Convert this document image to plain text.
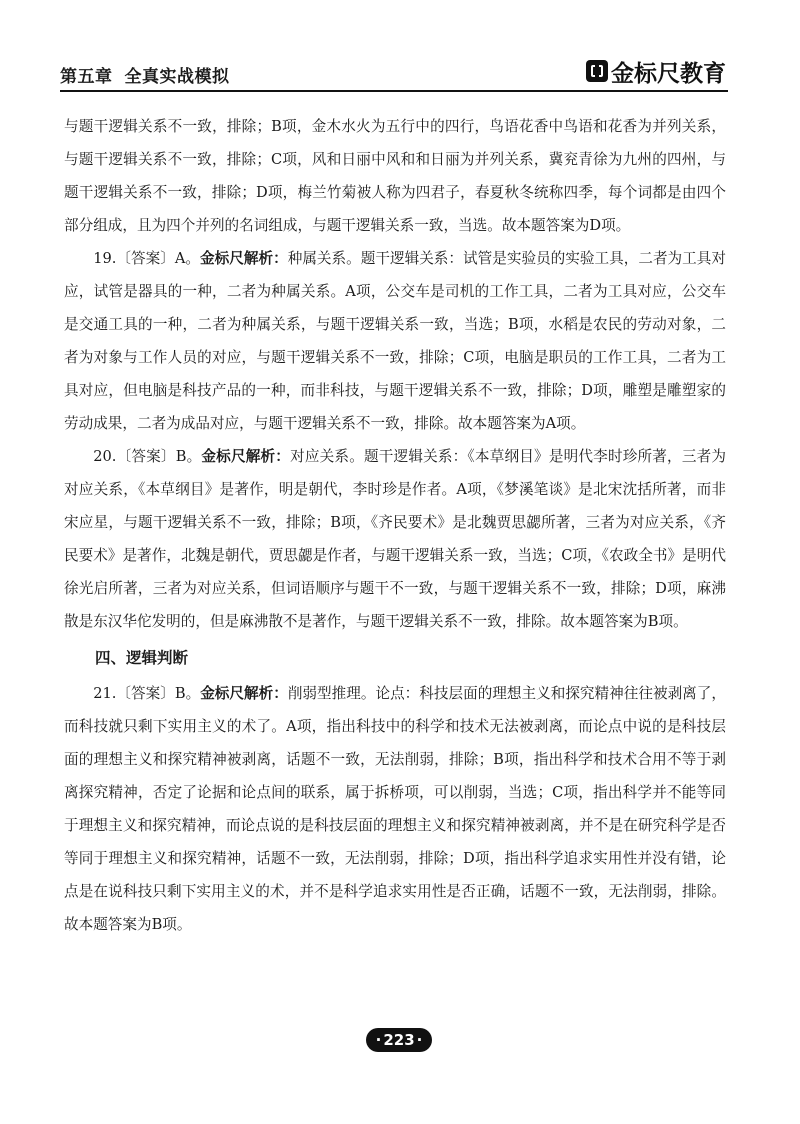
第五章 全真实战模拟	金标尺教育

与题干逻辑关系不一致，排除；B项，金木水火为五行中的四行，鸟语花香中鸟语和花香为并列关系，与题干逻辑关系不一致，排除；C项，风和日丽中风和和日丽为并列关系，冀兖青徐为九州的四州，与题干逻辑关系不一致，排除；D项，梅兰竹菊被人称为四君子，春夏秋冬统称四季，每个词都是由四个部分组成，且为四个并列的名词组成，与题干逻辑关系一致，当选。故本题答案为D项。

19.〔答案〕A。金标尺解析：种属关系。题干逻辑关系：试管是实验员的实验工具，二者为工具对应，试管是器具的一种，二者为种属关系。A项，公交车是司机的工作工具，二者为工具对应，公交车是交通工具的一种，二者为种属关系，与题干逻辑关系一致，当选；B项，水稻是农民的劳动对象，二者为对象与工作人员的对应，与题干逻辑关系不一致，排除；C项，电脑是职员的工作工具，二者为工具对应，但电脑是科技产品的一种，而非科技，与题干逻辑关系不一致，排除；D项，雕塑是雕塑家的劳动成果，二者为成品对应，与题干逻辑关系不一致，排除。故本题答案为A项。

20.〔答案〕B。金标尺解析：对应关系。题干逻辑关系：《本草纲目》是明代李时珍所著，三者为对应关系，《本草纲目》是著作，明是朝代，李时珍是作者。A项，《梦溪笔谈》是北宋沈括所著，而非宋应星，与题干逻辑关系不一致，排除；B项，《齐民要术》是北魏贾思勰所著，三者为对应关系，《齐民要术》是著作，北魏是朝代，贾思勰是作者，与题干逻辑关系一致，当选；C项，《农政全书》是明代徐光启所著，三者为对应关系，但词语顺序与题干不一致，与题干逻辑关系不一致，排除；D项，麻沸散是东汉华佗发明的，但是麻沸散不是著作，与题干逻辑关系不一致，排除。故本题答案为B项。

四、逻辑判断

21.〔答案〕B。金标尺解析：削弱型推理。论点：科技层面的理想主义和探究精神往往被剥离了，而科技就只剩下实用主义的术了。A项，指出科技中的科学和技术无法被剥离，而论点中说的是科技层面的理想主义和探究精神被剥离，话题不一致，无法削弱，排除；B项，指出科学和技术合用不等于剥离探究精神，否定了论据和论点间的联系，属于拆桥项，可以削弱，当选；C项，指出科学并不能等同于理想主义和探究精神，而论点说的是科技层面的理想主义和探究精神被剥离，并不是在研究科学是否等同于理想主义和探究精神，话题不一致，无法削弱，排除；D项，指出科学追求实用性并没有错，论点是在说科技只剩下实用主义的术，并不是科学追求实用性是否正确，话题不一致，无法削弱，排除。故本题答案为B项。

· 223 ·
